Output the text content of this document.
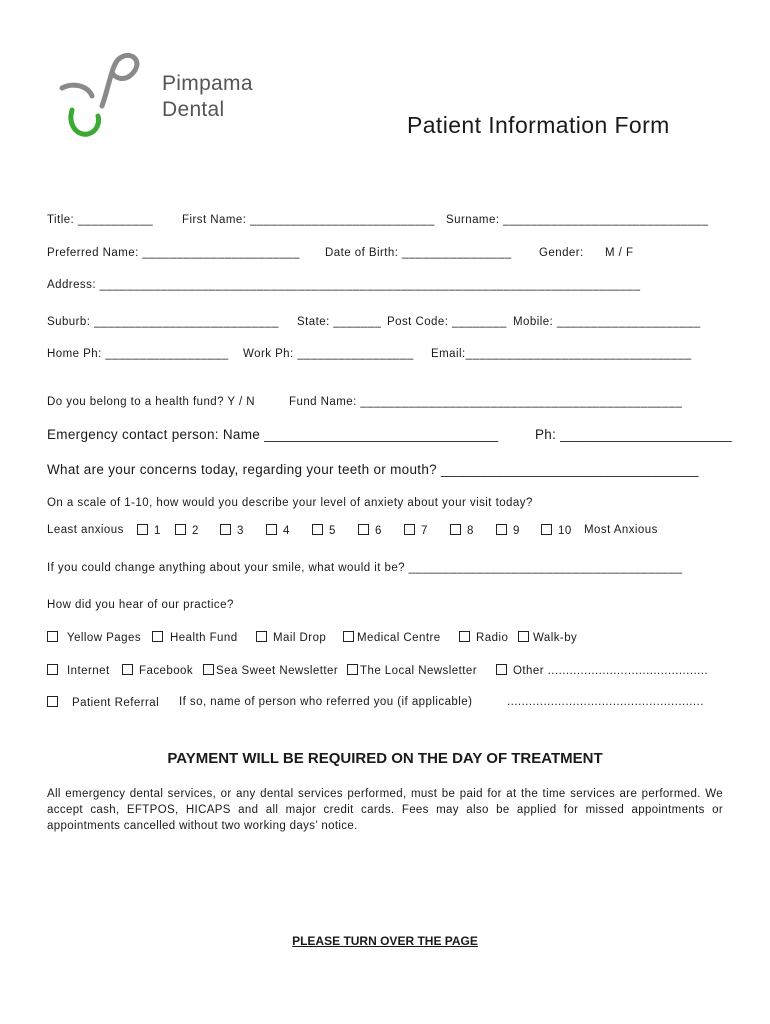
Pimpama
Dental
Patient Information Form
Title: ___________	First Name: ___________________________ Surname: ______________________________
Preferred Name: _______________________ Date of Birth: ________________ Gender: M / F
Address: _______________________________________________________________________________
Suburb: ___________________________ State: _______ Post Code: ________ Mobile: _____________________
Home Ph: __________________ Work Ph: _________________ Email:_________________________________
Do you belong to a health fund? Y / N	Fund Name: _______________________________________________
Emergency contact person: Name ______________________________	Ph: ______________________
What are your concerns today, regarding your teeth or mouth? _________________________________
On a scale of 1-10, how would you describe your level of anxiety about your visit today?
Least anxious	1	2	3	4	5	6	7	8	9	10 Most Anxious
If you could change anything about your smile, what would it be? ________________________________________
How did you hear of our practice?
Yellow Pages	Health Fund	Mail Drop	Medical Centre	Radio	Walk-by
Internet	Facebook	Sea Sweet Newsletter	The Local Newsletter	Other ............................................
Patient Referral If so, name of person who referred you (if applicable)	......................................................
PAYMENT WILL BE REQUIRED ON THE DAY OF TREATMENT
All emergency dental services, or any dental services performed, must be paid for at the time services are performed. We accept cash, EFTPOS, HICAPS and all major credit cards. Fees may also be applied for missed appointments or appointments cancelled without two working days’ notice.
PLEASE TURN OVER THE PAGE
